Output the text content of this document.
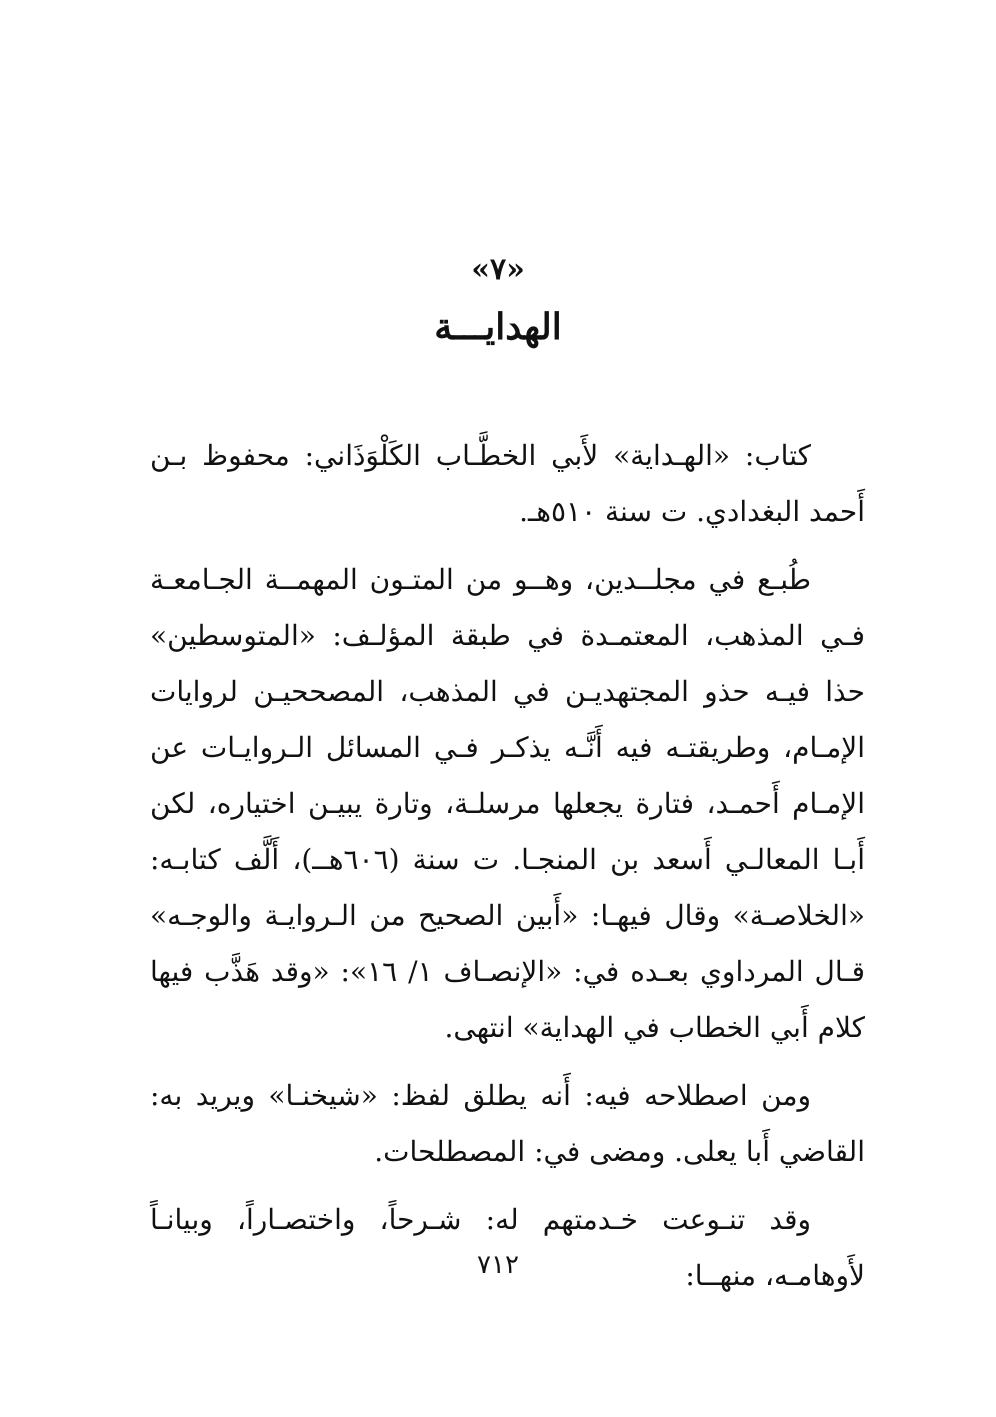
«٧»
الهدايـــة

كتاب: «الهـداية» لأَبي الخطَّـاب الكَلْوَذَاني: محفوظ بـن أَحمد البغدادي. ت سنة ٥١٠هـ.

طُبـع في مجلــدين، وهــو من المتـون المهمــة الجـامعـة فـي المذهب، المعتمـدة في طبقة المؤلـف: «المتوسطين» حذا فيـه حذو المجتهديـن في المذهب، المصححيـن لروايات الإمـام، وطريقتـه فيه أَنَّـه يذكـر فـي المسائل الـروايـات عن الإمـام أَحمـد، فتارة يجعلها مرسلـة، وتارة يبيـن اختياره، لكن أَبـا المعالـي أَسعد بن المنجـا. ت سنة (٦٠٦هــ)، أَلَّف كتابـه: «الخلاصـة» وقال فيهـا: «أَبين الصحيح من الـروايـة والوجـه» قـال المرداوي بعـده في: «الإنصـاف ١/ ١٦»: «وقد هَذَّب فيها كلام أَبي الخطاب في الهداية» انتهى.

ومن اصطلاحه فيه: أَنه يطلق لفظ: «شيخنـا» ويريد به: القاضي أَبا يعلى. ومضى في: المصطلحات.

وقد تنـوعت خـدمتهم له: شـرحاً، واختصـاراً، وبيانـاً لأَوهامـه، منهــا:

٧١٢
